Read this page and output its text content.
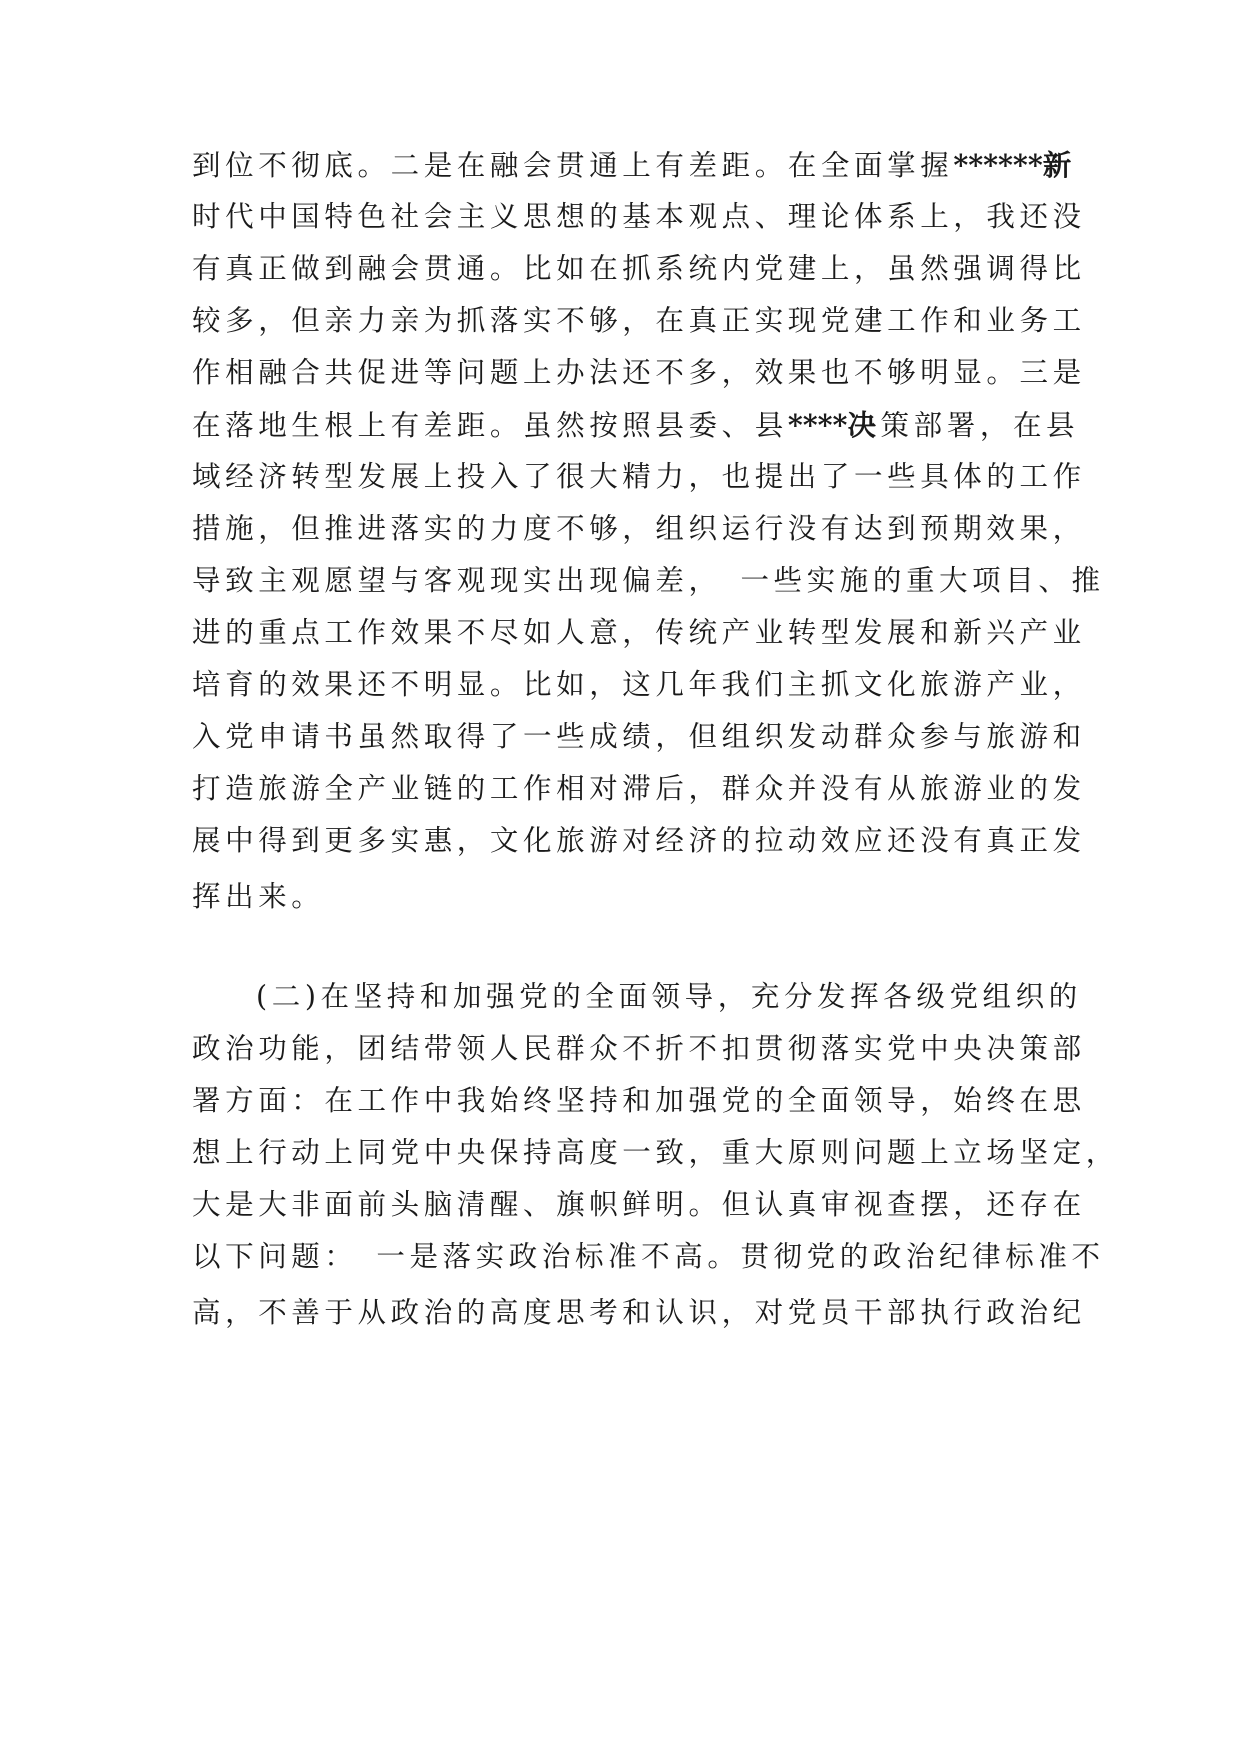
到位不彻底。二是在融会贯通上有差距。在全面掌握******新
时代中国特色社会主义思想的基本观点、理论体系上，我还没
有真正做到融会贯通。比如在抓系统内党建上，虽然强调得比
较多，但亲力亲为抓落实不够，在真正实现党建工作和业务工
作相融合共促进等问题上办法还不多，效果也不够明显。三是
在落地生根上有差距。虽然按照县委、县****决策部署，在县
域经济转型发展上投入了很大精力，也提出了一些具体的工作
措施，但推进落实的力度不够，组织运行没有达到预期效果，
导致主观愿望与客观现实出现偏差，　一些实施的重大项目、推
进的重点工作效果不尽如人意，传统产业转型发展和新兴产业
培育的效果还不明显。比如，这几年我们主抓文化旅游产业，
入党申请书虽然取得了一些成绩，但组织发动群众参与旅游和
打造旅游全产业链的工作相对滞后，群众并没有从旅游业的发
展中得到更多实惠，文化旅游对经济的拉动效应还没有真正发
挥出来。
(二)在坚持和加强党的全面领导，充分发挥各级党组织的
政治功能，团结带领人民群众不折不扣贯彻落实党中央决策部
署方面：在工作中我始终坚持和加强党的全面领导，始终在思
想上行动上同党中央保持高度一致，重大原则问题上立场坚定，
大是大非面前头脑清醒、旗帜鲜明。但认真审视查摆，还存在
以下问题：　一是落实政治标准不高。贯彻党的政治纪律标准不
高，不善于从政治的高度思考和认识，对党员干部执行政治纪
